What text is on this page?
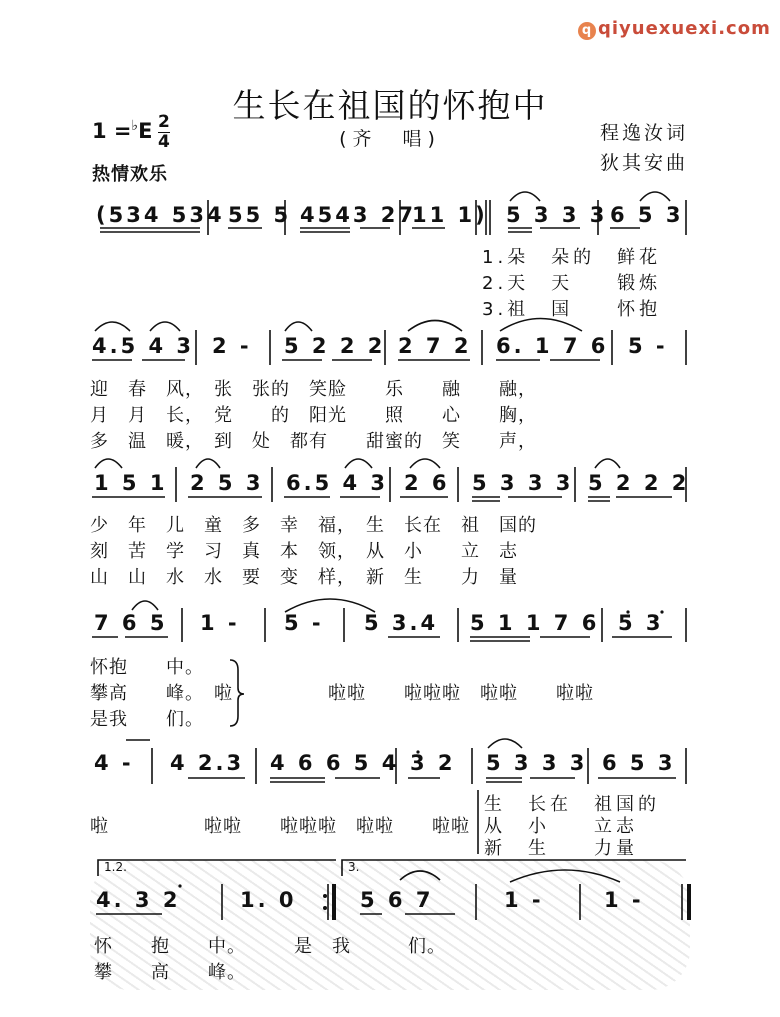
q qiyuexuexi.com
生长在祖国的怀抱中
(齐　唱)
1 =♭E 2
4	程逸汝词
狄其安曲
热情欢乐
(534 534 55 5 4543 27
11 1) 5 3 3 3 6 5 3
1.朵　朵的　鲜花
2.天　天　　锻炼
3.祖　国　　怀抱
4.5 4 3 2 - 5 2 2 2 2 7 2 6. 1 7 6 5 -
迎　春　风，　张　张的　笑脸　　乐　　融　　融，
月　月　长，　党　　的　阳光　　照　　心　　胸，
多　温　暖，　到　处　都有　　甜蜜的　笑　　声，
1 5 1 2 5 3 6.5 4 3 2 6 5 3 3 3 5 2 2 2
少　年　儿　童　多　幸　福，　生　长在　祖　国的
刻　苦　学　习　真　本　领，　从　小　　立　志
山　山　水　水　要　变　样，　新　生　　力　量
7 6 5 1 - 5 - 5 3.4 5 1 1 7 6 5 3
怀抱　　中。
攀高　　峰。　啦　　　　　啦啦　　啦啦啦　啦啦　　啦啦
是我　　们。
4 - 4 2.3 4 6 6 5 4 3 2 5 3 3 3 6 5 3
啦　　　　　啦啦　　啦啦啦　啦啦　　啦啦
生　长在　祖国的
从　小　　立志
新　生　　力量
1.2.	3.
4. 3 2	1. 0	5 6 7	1 -	1 -
怀　　抱　　中。　　　是　我　　　们。
攀　　高　　峰。
